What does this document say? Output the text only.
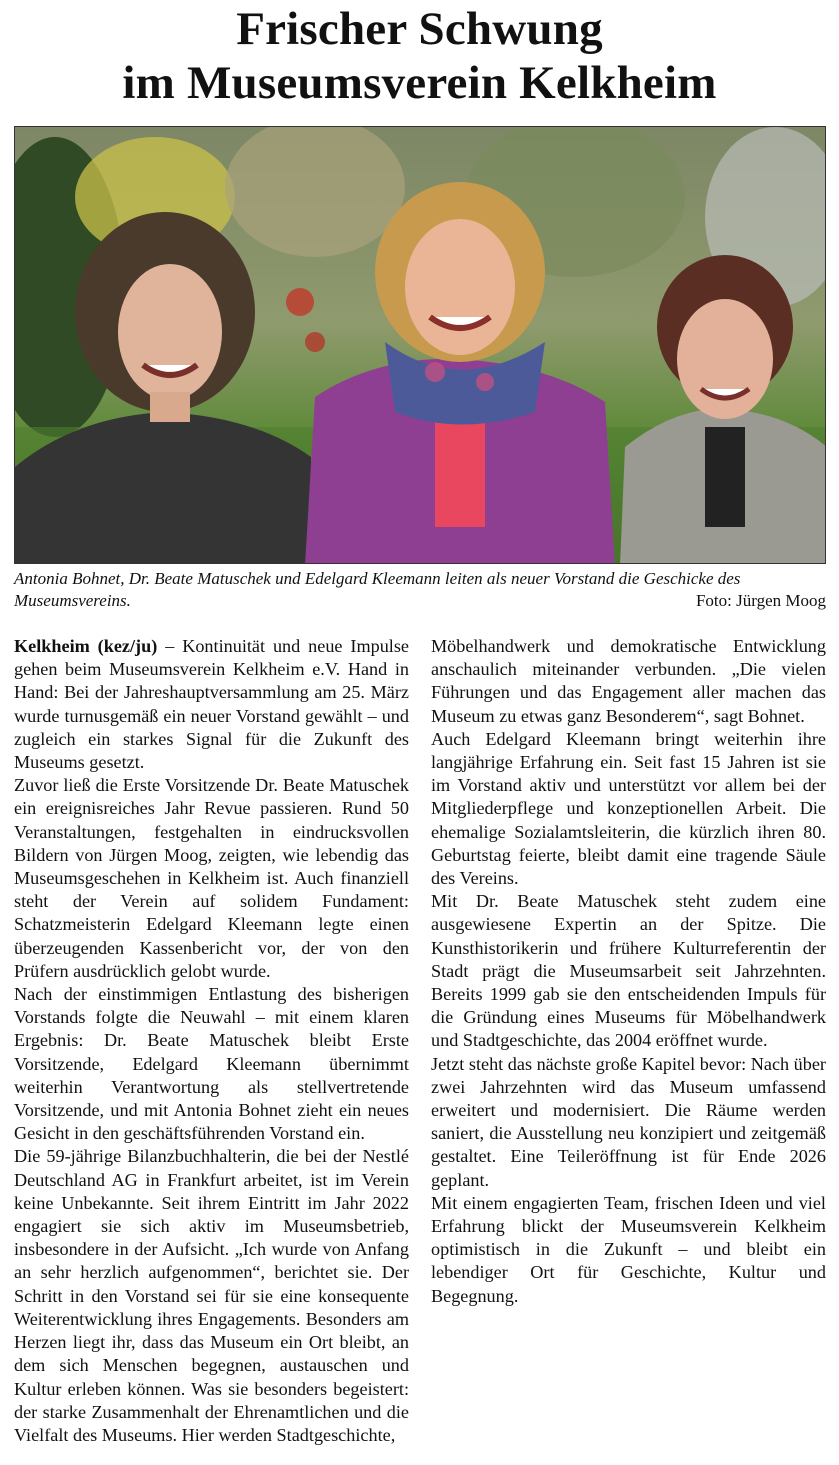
Frischer Schwung
im Museumsverein Kelkheim
Antonia Bohnet, Dr. Beate Matuschek und Edelgard Kleemann leiten als neuer Vorstand die Geschicke des Museumsvereins.	Foto: Jürgen Moog

Kelkheim (kez/ju) – Kontinuität und neue Impulse gehen beim Museumsverein Kelkheim e.V. Hand in Hand: Bei der Jahreshauptversammlung am 25. März wurde turnusgemäß ein neuer Vorstand gewählt – und zugleich ein starkes Signal für die Zukunft des Museums gesetzt.

Zuvor ließ die Erste Vorsitzende Dr. Beate Matuschek ein ereignisreiches Jahr Revue passieren. Rund 50 Veranstaltungen, festgehalten in eindrucksvollen Bildern von Jürgen Moog, zeigten, wie lebendig das Museumsgeschehen in Kelkheim ist. Auch finanziell steht der Verein auf solidem Fundament: Schatzmeisterin Edelgard Kleemann legte einen überzeugenden Kassenbericht vor, der von den Prüfern ausdrücklich gelobt wurde.

Nach der einstimmigen Entlastung des bisherigen Vorstands folgte die Neuwahl – mit einem klaren Ergebnis: Dr. Beate Matuschek bleibt Erste Vorsitzende, Edelgard Kleemann übernimmt weiterhin Verantwortung als stellvertretende Vorsitzende, und mit Antonia Bohnet zieht ein neues Gesicht in den geschäftsführenden Vorstand ein.

Die 59-jährige Bilanzbuchhalterin, die bei der Nestlé Deutschland AG in Frankfurt arbeitet, ist im Verein keine Unbekannte. Seit ihrem Eintritt im Jahr 2022 engagiert sie sich aktiv im Museumsbetrieb, insbesondere in der Aufsicht. „Ich wurde von Anfang an sehr herzlich aufgenommen“, berichtet sie. Der Schritt in den Vorstand sei für sie eine konsequente Weiterentwicklung ihres Engagements. Besonders am Herzen liegt ihr, dass das Museum ein Ort bleibt, an dem sich Menschen begegnen, austauschen und Kultur erleben können. Was sie besonders begeistert: der starke Zusammenhalt der Ehrenamtlichen und die Vielfalt des Museums. Hier werden Stadtgeschichte,

Möbelhandwerk und demokratische Entwicklung anschaulich miteinander verbunden. „Die vielen Führungen und das Engagement aller machen das Museum zu etwas ganz Besonderem“, sagt Bohnet.

Auch Edelgard Kleemann bringt weiterhin ihre langjährige Erfahrung ein. Seit fast 15 Jahren ist sie im Vorstand aktiv und unterstützt vor allem bei der Mitgliederpflege und konzeptionellen Arbeit. Die ehemalige Sozialamtsleiterin, die kürzlich ihren 80. Geburtstag feierte, bleibt damit eine tragende Säule des Vereins.

Mit Dr. Beate Matuschek steht zudem eine ausgewiesene Expertin an der Spitze. Die Kunsthistorikerin und frühere Kulturreferentin der Stadt prägt die Museumsarbeit seit Jahrzehnten. Bereits 1999 gab sie den entscheidenden Impuls für die Gründung eines Museums für Möbelhandwerk und Stadtgeschichte, das 2004 eröffnet wurde.

Jetzt steht das nächste große Kapitel bevor: Nach über zwei Jahrzehnten wird das Museum umfassend erweitert und modernisiert. Die Räume werden saniert, die Ausstellung neu konzipiert und zeitgemäß gestaltet. Eine Teileröffnung ist für Ende 2026 geplant.

Mit einem engagierten Team, frischen Ideen und viel Erfahrung blickt der Museumsverein Kelkheim optimistisch in die Zukunft – und bleibt ein lebendiger Ort für Geschichte, Kultur und Begegnung.
